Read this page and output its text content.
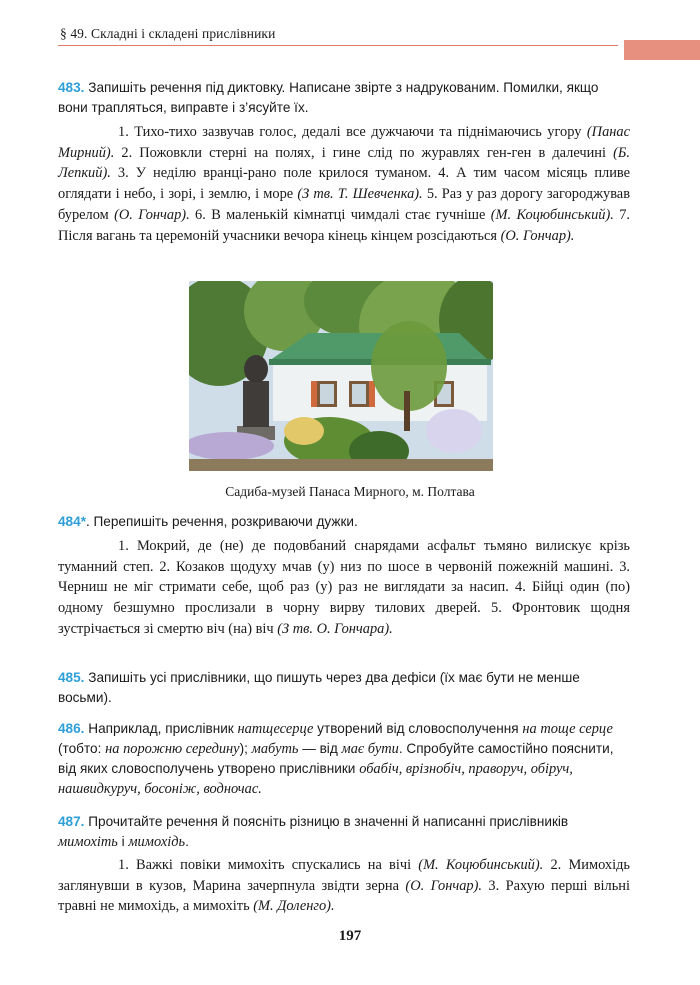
§ 49. Складні і складені прислівники
483. Запишіть речення під диктовку. Написане звірте з надрукованим. Помилки, якщо вони трапляться, виправте і з’ясуйте їх.
1. Тихо-тихо зазвучав голос, дедалі все дужчаючи та піднімаючись угору (Панас Мирний). 2. Пожовкли стерні на полях, і гине слід по журавлях ген-ген в далечині (Б. Лепкий). 3. У неділю вранці-рано поле крилося туманом. 4. А тим часом місяць пливе оглядати і небо, і зорі, і землю, і море (З тв. Т. Шевченка). 5. Раз у раз дорогу загороджував бурелом (О. Гончар). 6. В маленькій кімнатці чимдалі стає гучніше (М. Коцюбинський). 7. Після вагань та церемоній учасники вечора кінець кінцем розсідаються (О. Гончар).
Садиба-музей Панаса Мирного, м. Полтава
484*. Перепишіть речення, розкриваючи дужки.
1. Мокрий, де (не) де подовбаний снарядами асфальт тьмяно вилискує крізь туманний степ. 2. Козаков щодуху мчав (у) низ по шосе в червоній пожежній машині. 3. Черниш не міг стримати себе, щоб раз (у) раз не виглядати за насип. 4. Бійці один (по) одному безшумно прослизали в чорну вирву тилових дверей. 5. Фронтовик щодня зустрічається зі смертю віч (на) віч (З тв. О. Гончара).
485. Запишіть усі прислівники, що пишуть через два дефіси (їх має бути не менше восьми).
486. Наприклад, прислівник натщесерце утворений від словосполучення на тоще серце (тобто: на порожню середину); мабуть — від має бути. Спробуйте самостійно пояснити, від яких словосполучень утворено прислівники обабіч, врізнобіч, праворуч, обіруч, нашвидкуруч, босоніж, водночас.
487. Прочитайте речення й поясніть різницю в значенні й написанні прислівників мимохіть і мимохідь.
1. Важкі повіки мимохіть спускались на вічі (М. Коцюбинський). 2. Мимохідь заглянувши в кузов, Марина зачерпнула звідти зерна (О. Гончар). 3. Рахую перші вільні травні не мимохідь, а мимохіть (М. Доленго).
197
